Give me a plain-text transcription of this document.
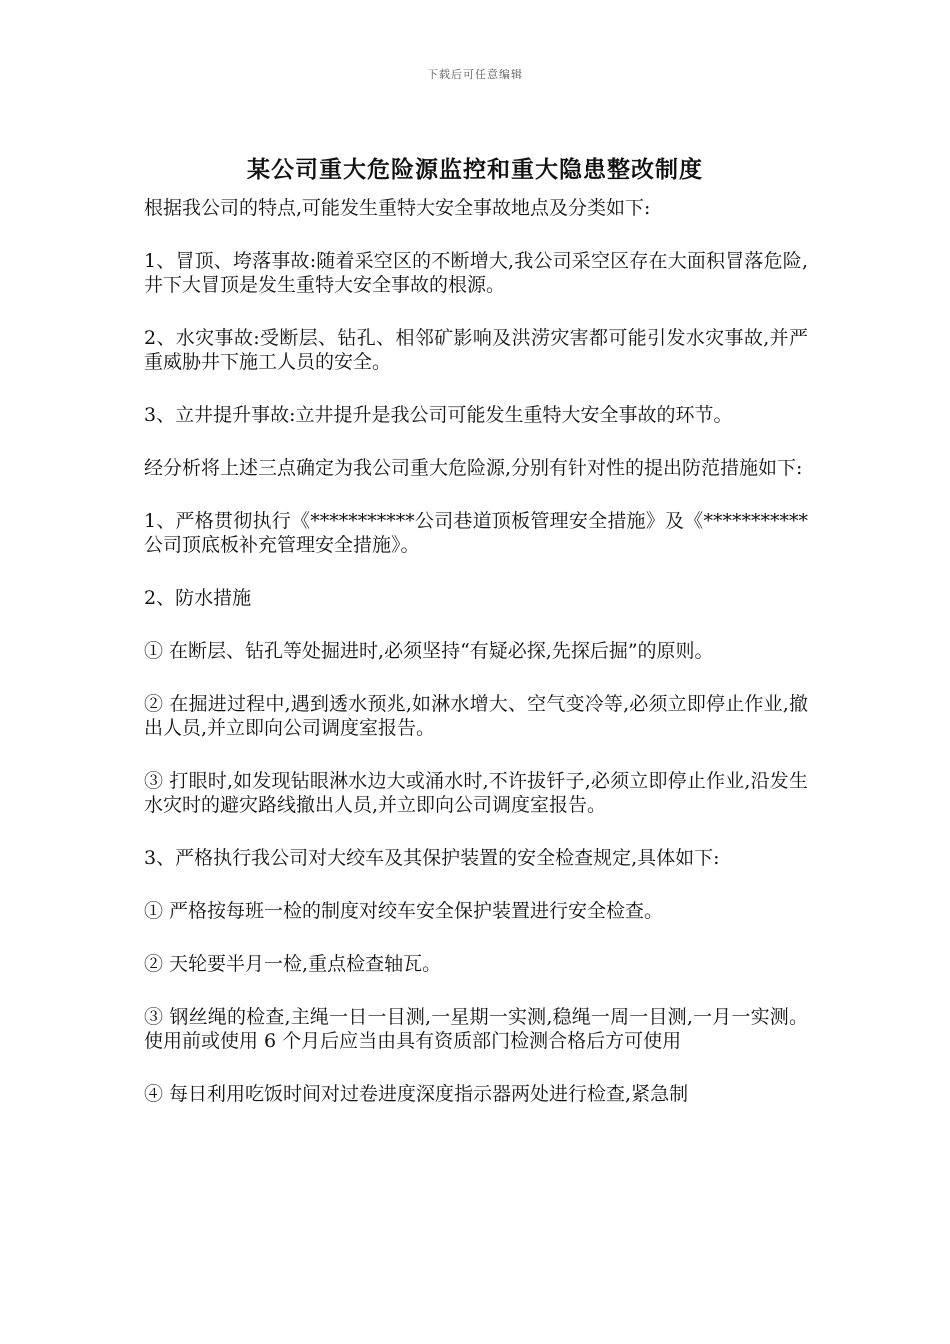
下载后可任意编辑
某公司重大危险源监控和重大隐患整改制度

根据我公司的特点,可能发生重特大安全事故地点及分类如下:

1、冒顶、垮落事故:随着采空区的不断增大,我公司采空区存在大面积冒落危险,井下大冒顶是发生重特大安全事故的根源。

2、水灾事故:受断层、钻孔、相邻矿影响及洪涝灾害都可能引发水灾事故,并严重威胁井下施工人员的安全。

3、立井提升事故:立井提升是我公司可能发生重特大安全事故的环节。

经分析将上述三点确定为我公司重大危险源,分别有针对性的提出防范措施如下:

1、严格贯彻执行《***********公司巷道顶板管理安全措施》及《***********公司顶底板补充管理安全措施》。

2、防水措施

① 在断层、钻孔等处掘进时,必须坚持“有疑必探,先探后掘”的原则。

② 在掘进过程中,遇到透水预兆,如淋水增大、空气变冷等,必须立即停止作业,撤出人员,并立即向公司调度室报告。

③ 打眼时,如发现钻眼淋水边大或涌水时,不许拔钎子,必须立即停止作业,沿发生水灾时的避灾路线撤出人员,并立即向公司调度室报告。

3、严格执行我公司对大绞车及其保护装置的安全检查规定,具体如下:

① 严格按每班一检的制度对绞车安全保护装置进行安全检查。

② 天轮要半月一检,重点检查轴瓦。

③ 钢丝绳的检查,主绳一日一目测,一星期一实测,稳绳一周一目测,一月一实测。使用前或使用 6 个月后应当由具有资质部门检测合格后方可使用

④ 每日利用吃饭时间对过卷进度深度指示器两处进行检查,紧急制
